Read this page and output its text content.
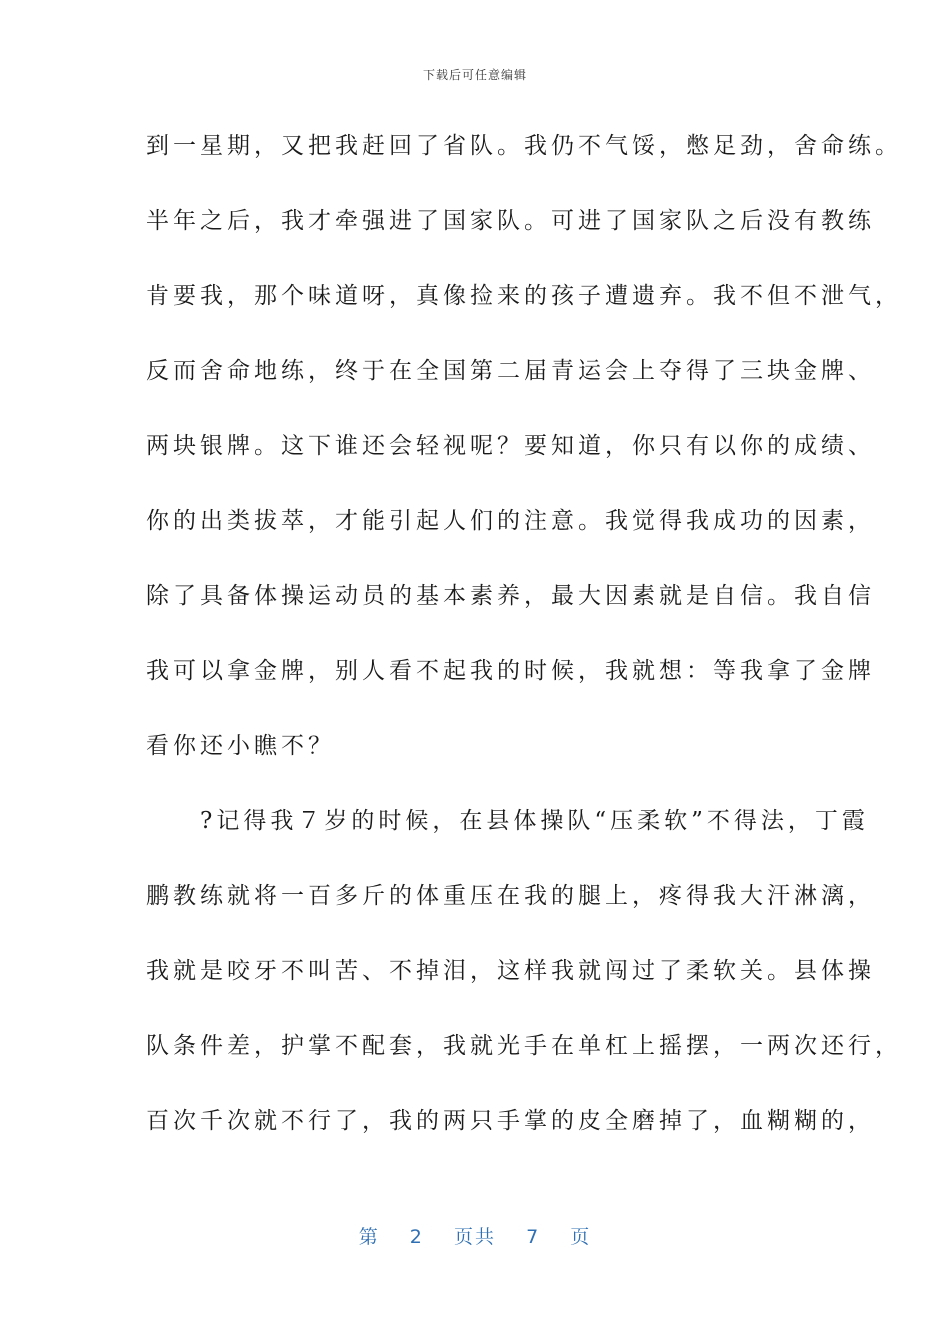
下载后可任意编辑
到一星期，又把我赶回了省队。我仍不气馁，憋足劲，舍命练。
半年之后，我才牵强进了国家队。可进了国家队之后没有教练
肯要我，那个味道呀，真像捡来的孩子遭遗弃。我不但不泄气，
反而舍命地练，终于在全国第二届青运会上夺得了三块金牌、
两块银牌。这下谁还会轻视呢？要知道，你只有以你的成绩、
你的出类拔萃，才能引起人们的注意。我觉得我成功的因素，
除了具备体操运动员的基本素养，最大因素就是自信。我自信
我可以拿金牌，别人看不起我的时候，我就想：等我拿了金牌
看你还小瞧不？
　　?记得我７岁的时候，在县体操队“压柔软”不得法，丁霞
鹏教练就将一百多斤的体重压在我的腿上，疼得我大汗淋漓，
我就是咬牙不叫苦、不掉泪，这样我就闯过了柔软关。县体操
队条件差，护掌不配套，我就光手在单杠上摇摆，一两次还行，
百次千次就不行了，我的两只手掌的皮全磨掉了，血糊糊的，
第 2 页共 7 页
